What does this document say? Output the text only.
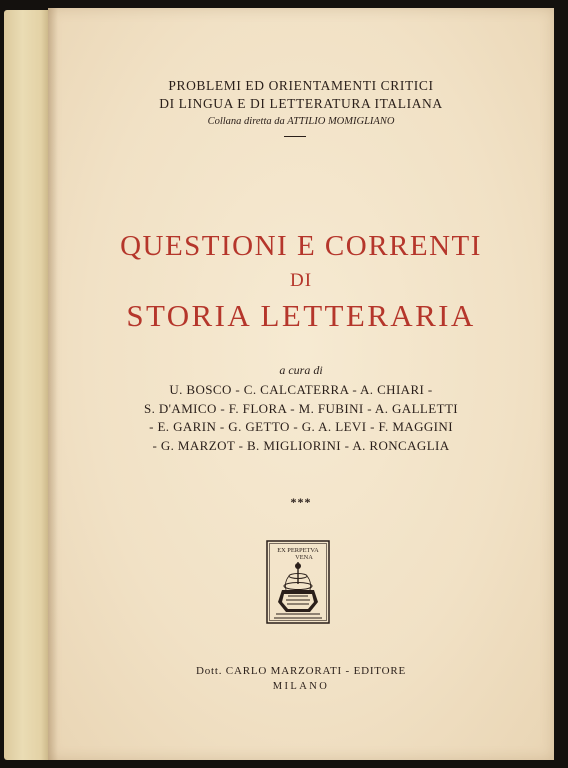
PROBLEMI ED ORIENTAMENTI CRITICI
DI LINGUA E DI LETTERATURA ITALIANA
Collana diretta da ATTILIO MOMIGLIANO
QUESTIONI E CORRENTI
DI
STORIA LETTERARIA
a cura di
U. BOSCO - C. CALCATERRA - A. CHIARI -
S. D'AMICO - F. FLORA - M. FUBINI - A. GALLETTI
- E. GARIN - G. GETTO - G. A. LEVI - F. MAGGINI
- G. MARZOT - B. MIGLIORINI - A. RONCAGLIA
***
EX PERPETVA
VENA
Dott. CARLO MARZORATI - EDITORE
MILANO
